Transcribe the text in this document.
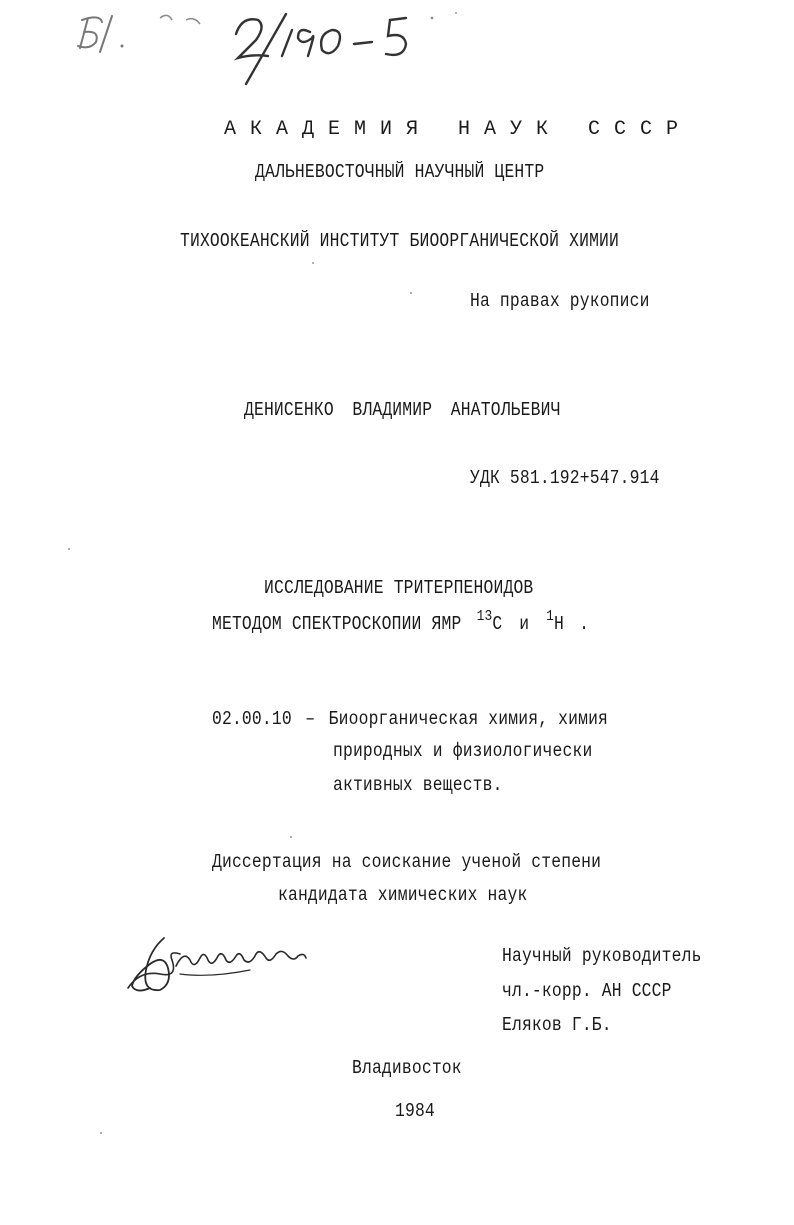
АКАДЕМИЯ НАУК СССР
ДАЛЬНЕВОСТОЧНЫЙ НАУЧНЫЙ ЦЕНТР
ТИХООКЕАНСКИЙ ИНСТИТУТ БИООРГАНИЧЕСКОЙ ХИМИИ
На правах рукописи
ДЕНИСЕНКО ВЛАДИМИР АНАТОЛЬЕВИЧ
УДК 581.192+547.914
ИССЛЕДОВАНИЕ ТРИТЕРПЕНОИДОВ
МЕТОДОМ СПЕКТРОСКОПИИ ЯМР $^{13}$C и $^1$H .
02.00.10 – Биоорганическая химия, химия
природных и физиологически
активных веществ.
Диссертация на соискание ученой степени
кандидата химических наук
Научный руководитель
чл.-корр. АН СССР
Еляков Г.Б.
Владивосток
1984
